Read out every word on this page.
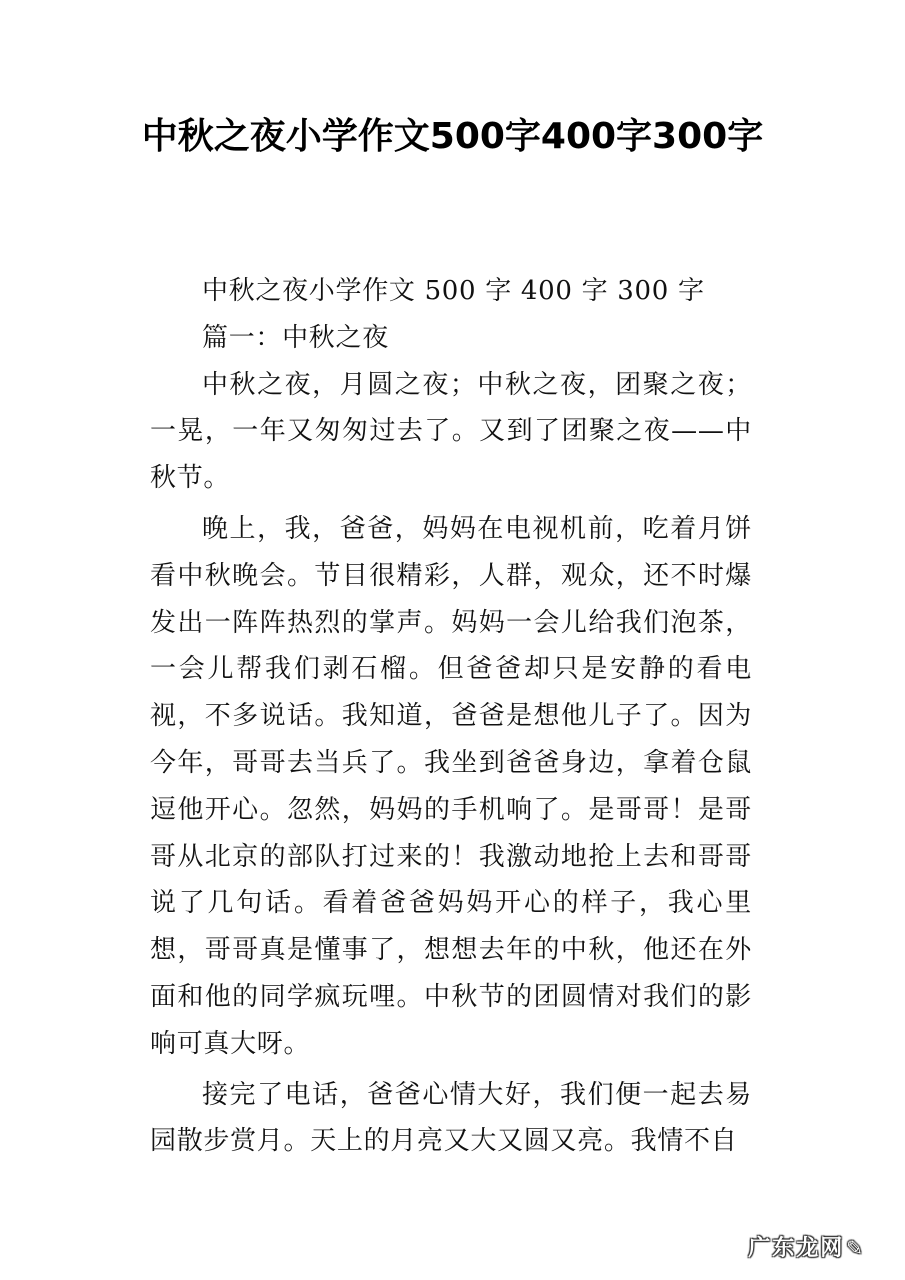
中秋之夜小学作文500字400字300字

中秋之夜小学作文 500 字 400 字 300 字

篇一：中秋之夜

中秋之夜，月圆之夜；中秋之夜，团聚之夜；一晃，一年又匆匆过去了。又到了团聚之夜——中秋节。

晚上，我，爸爸，妈妈在电视机前，吃着月饼看中秋晚会。节目很精彩，人群，观众，还不时爆发出一阵阵热烈的掌声。妈妈一会儿给我们泡茶，一会儿帮我们剥石榴。但爸爸却只是安静的看电视，不多说话。我知道，爸爸是想他儿子了。因为今年，哥哥去当兵了。我坐到爸爸身边，拿着仓鼠逗他开心。忽然，妈妈的手机响了。是哥哥！是哥哥从北京的部队打过来的！我激动地抢上去和哥哥说了几句话。看着爸爸妈妈开心的样子，我心里想，哥哥真是懂事了，想想去年的中秋，他还在外面和他的同学疯玩哩。中秋节的团圆情对我们的影响可真大呀。

接完了电话，爸爸心情大好，我们便一起去易园散步赏月。天上的月亮又大又圆又亮。我情不自

广东龙网 ✎
